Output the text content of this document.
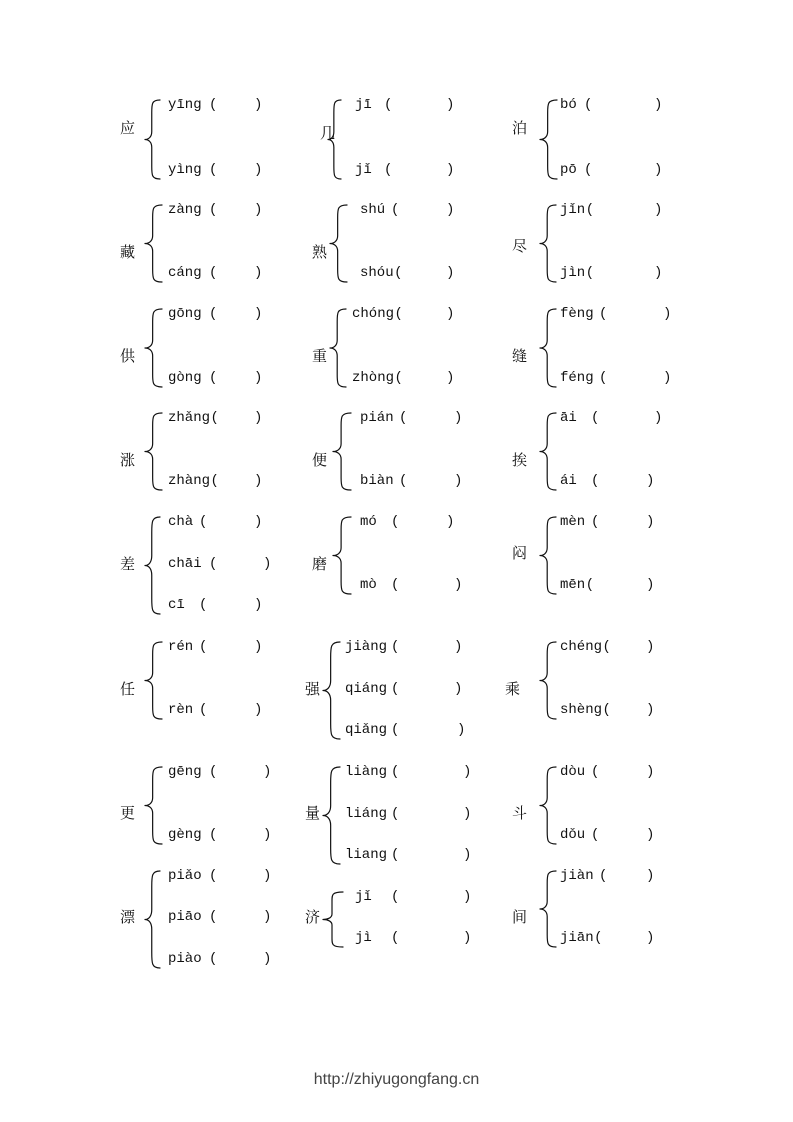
应
yīng (	)
yìng (	)
几
jī (	)
jǐ (	)
泊
bó (	)
pō (	)
藏
zàng (	)
cáng (	)
熟
shú (	)
shóu (	)
尽
jǐn (	)
jìn (	)
供
gōng (	)
gòng (	)
重
chóng (	)
zhòng (	)
缝
fèng (	)
féng (	)
涨
zhǎng (	)
zhàng (	)
便
pián (	)
biàn (	)
挨
āi (	)
ái (	)
差
chà (	)
chāi (	)
cī (	)
磨
mó (	)
mò (	)
闷
mèn (	)
mēn (	)
任
rén (	)
rèn (	)
强
jiàng (	)
qiáng (	)
qiǎng (	)
乘
chéng (	)
shèng (	)
更
gēng (	)
gèng (	)
量
liàng (	)
liáng (	)
liang (	)
斗
dòu (	)
dǒu (	)
漂
piǎo (	)
piāo (	)
piào (	)
济
jǐ (	)
jì (	)
间
jiàn (	)
jiān (	)
http://zhiyugongfang.cn
